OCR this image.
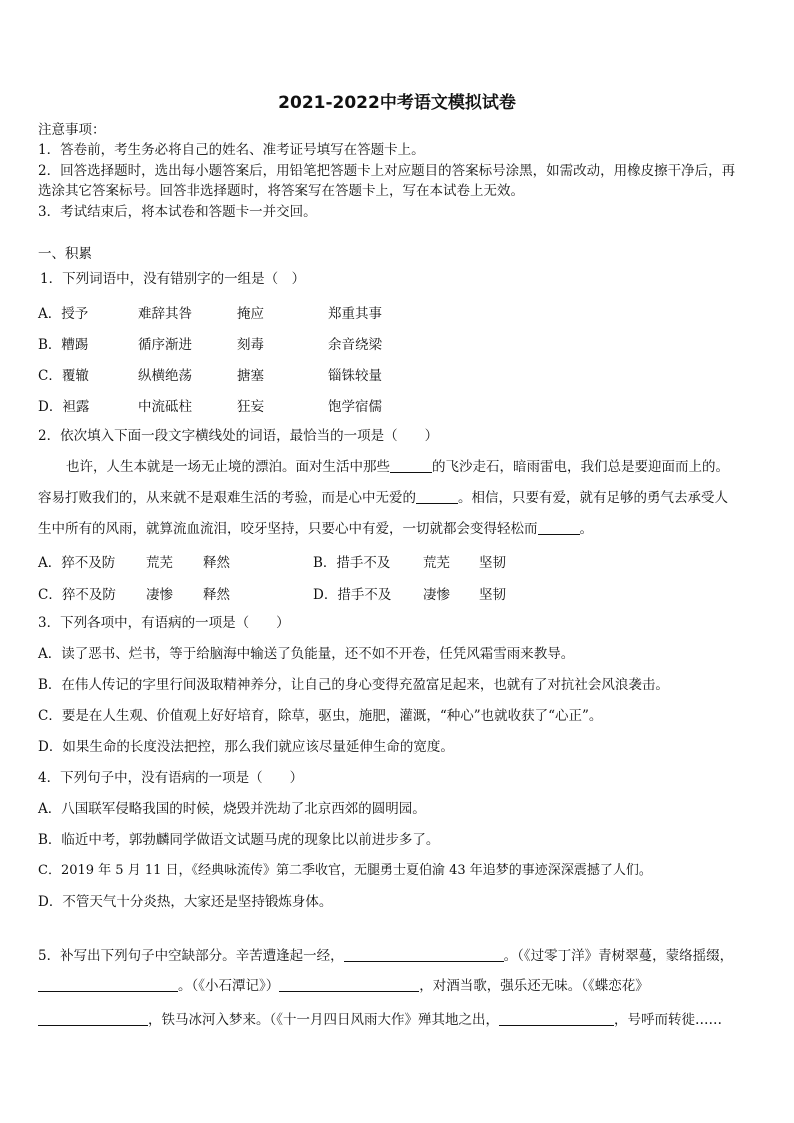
2021-2022中考语文模拟试卷
注意事项：
1．答卷前，考生务必将自己的姓名、准考证号填写在答题卡上。
2．回答选择题时，选出每小题答案后，用铅笔把答题卡上对应题目的答案标号涂黑，如需改动，用橡皮擦干净后，再
选涂其它答案标号。回答非选择题时，将答案写在答题卡上，写在本试卷上无效。
3．考试结束后，将本试卷和答题卡一并交回。
一、积累
1．下列词语中，没有错别字的一组是（　）
A．授予	难辞其咎	掩应	郑重其事
B．糟踢	循序渐进	刻毒	余音绕梁
C．覆辙	纵横绝荡	搪塞	锱铢较量
D．袒露	中流砥柱	狂妄	饱学宿儒
2．依次填入下面一段文字横线处的词语，最恰当的一项是（　　）
也许，人生本就是一场无止境的漂泊。面对生活中那些	的飞沙走石，暗雨雷电，我们总是要迎面而上的。
容易打败我们的，从来就不是艰难生活的考验，而是心中无爱的	。相信，只要有爱，就有足够的勇气去承受人
生中所有的风雨，就算流血流泪，咬牙坚持，只要心中有爱，一切就都会变得轻松而	。
A．猝不及防 荒芜 释然	B．措手不及 荒芜 坚韧
C．猝不及防 凄惨 释然	D．措手不及 凄惨 坚韧
3．下列各项中，有语病的一项是（　　）
A．读了恶书、烂书，等于给脑海中输送了负能量，还不如不开卷，任凭风霜雪雨来教导。
B．在伟人传记的字里行间汲取精神养分，让自己的身心变得充盈富足起来，也就有了对抗社会风浪袭击。
C．要是在人生观、价值观上好好培育，除草，驱虫，施肥，灌溉，“种心”也就收获了“心正”。
D．如果生命的长度没法把控，那么我们就应该尽量延伸生命的宽度。
4．下列句子中，没有语病的一项是（　　）
A．八国联军侵略我国的时候，烧毁并洗劫了北京西郊的圆明园。
B．临近中考，郭勃麟同学做语文试题马虎的现象比以前进步多了。
C．2019 年 5 月 11 日，《经典咏流传》第二季收官，无腿勇士夏伯渝 43 年追梦的事迹深深震撼了人们。
D．不管天气十分炎热，大家还是坚持锻炼身体。
5．补写出下列句子中空缺部分。辛苦遭逢起一经，	。（《过零丁洋》青树翠蔓，蒙络摇缀，
。（《小石潭记》）	，对酒当歌，强乐还无味。（《蝶恋花》
，铁马冰河入梦来。（《十一月四日风雨大作》殚其地之出，	，号呼而转徙……
